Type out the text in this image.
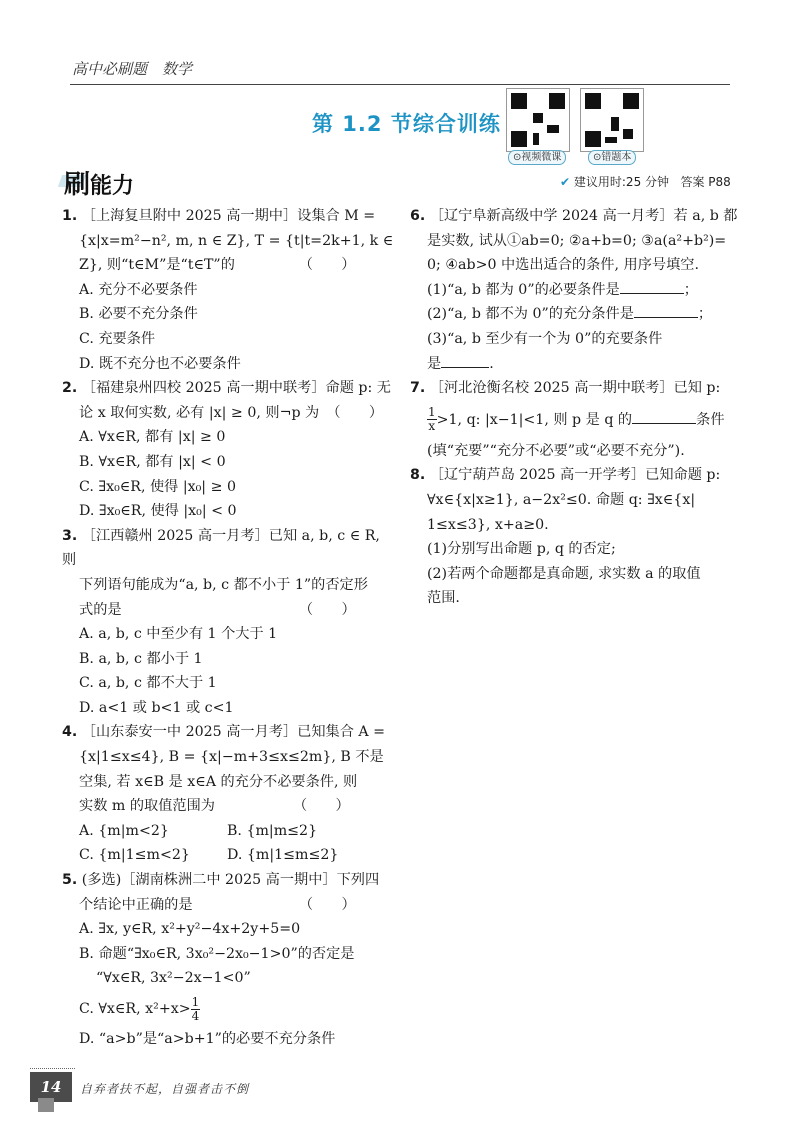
高中必刷题　数学
第 1.2 节综合训练
⊙视频微课	⊙错题本
刷能力	✔ 建议用时:25 分钟 答案 P88
1. ［上海复旦附中 2025 高一期中］设集合 M =
{x|x=m²−n², m, n ∈ Z}, T = {t|t=2k+1, k ∈
Z}, 则“t∈M”是“t∈T”的　　　　　（　　）
A. 充分不必要条件
B. 必要不充分条件
C. 充要条件
D. 既不充分也不必要条件
2. ［福建泉州四校 2025 高一期中联考］命题 p: 无
论 x 取何实数, 必有 |x| ≥ 0, 则¬p 为　（　　）
A. ∀x∈R, 都有 |x| ≥ 0
B. ∀x∈R, 都有 |x| < 0
C. ∃x₀∈R, 使得 |x₀| ≥ 0
D. ∃x₀∈R, 使得 |x₀| < 0
3. ［江西赣州 2025 高一月考］已知 a, b, c ∈ R, 则
下列语句能成为“a, b, c 都不小于 1”的否定形
式的是　　　　　　　　　　　　　（　　）
A. a, b, c 中至少有 1 个大于 1
B. a, b, c 都小于 1
C. a, b, c 都不大于 1
D. a<1 或 b<1 或 c<1
4. ［山东泰安一中 2025 高一月考］已知集合 A =
{x|1≤x≤4}, B = {x|−m+3≤x≤2m}, B 不是
空集, 若 x∈B 是 x∈A 的充分不必要条件, 则
实数 m 的取值范围为　　　　　　（　　）
A. {m|m<2}	B. {m|m≤2}
C. {m|1≤m<2}	D. {m|1≤m≤2}
5. (多选)［湖南株洲二中 2025 高一期中］下列四
个结论中正确的是　　　　　　　　（　　）
A. ∃x, y∈R, x²+y²−4x+2y+5=0
B. 命题“∃x₀∈R, 3x₀²−2x₀−1>0”的否定是
“∀x∈R, 3x²−2x−1<0”
C. ∀x∈R, $x^2+x> \frac{1}{4}$
D. “a>b”是“a>b+1”的必要不充分条件
6. ［辽宁阜新高级中学 2024 高一月考］若 a, b 都
是实数, 试从①ab=0; ②a+b=0; ③a(a²+b²)=
0; ④ab>0 中选出适合的条件, 用序号填空.
(1)“a, b 都为 0”的必要条件是	；
(2)“a, b 都不为 0”的充分条件是	；
(3)“a, b 至少有一个为 0”的充要条件
是	.
7. ［河北沧衡名校 2025 高一期中联考］已知 p:
$\frac{1}{x} >1$, q: |x−1|<1, 则 p 是 q 的	条件
(填“充要”“充分不必要”或“必要不充分”).
8. ［辽宁葫芦岛 2025 高一开学考］已知命题 p:
∀x∈{x|x≥1}, a−2x²≤0. 命题 q: ∃x∈{x|
1≤x≤3}, x+a≥0.
(1)分别写出命题 p, q 的否定;
(2)若两个命题都是真命题, 求实数 a 的取值
范围.
14	自弃者扶不起，自强者击不倒
